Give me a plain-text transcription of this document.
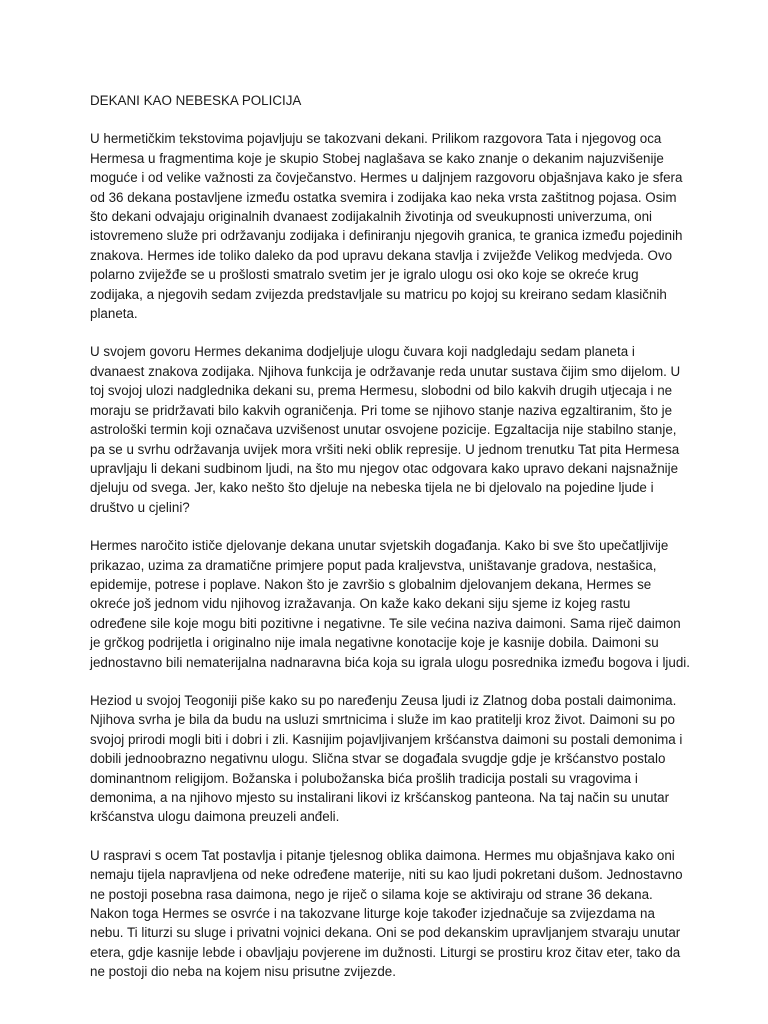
DEKANI KAO NEBESKA POLICIJA

U hermetičkim tekstovima pojavljuju se takozvani dekani. Prilikom razgovora Tata i njegovog oca Hermesa u fragmentima koje je skupio Stobej naglašava se kako znanje o dekanim najuzvišenije moguće i od velike važnosti za čovječanstvo. Hermes u daljnjem razgovoru objašnjava kako je sfera od 36 dekana postavljene između ostatka svemira i zodijaka kao neka vrsta zaštitnog pojasa. Osim što dekani odvajaju originalnih dvanaest zodijakalnih životinja od sveukupnosti univerzuma, oni istovremeno služe pri održavanju zodijaka i definiranju njegovih granica, te granica između pojedinih znakova. Hermes ide toliko daleko da pod upravu dekana stavlja i zviježđe Velikog medvjeda. Ovo polarno zviježđe se u prošlosti smatralo svetim jer je igralo ulogu osi oko koje se okreće krug zodijaka, a njegovih sedam zvijezda predstavljale su matricu po kojoj su kreirano sedam klasičnih planeta.

U svojem govoru Hermes dekanima dodjeljuje ulogu čuvara koji nadgledaju sedam planeta i dvanaest znakova zodijaka. Njihova funkcija je održavanje reda unutar sustava čijim smo dijelom. U toj svojoj ulozi nadglednika dekani su, prema Hermesu, slobodni od bilo kakvih drugih utjecaja i ne moraju se pridržavati bilo kakvih ograničenja. Pri tome se njihovo stanje naziva egzaltiranim, što je astrološki termin koji označava uzvišenost unutar osvojene pozicije. Egzaltacija nije stabilno stanje, pa se u svrhu održavanja uvijek mora vršiti neki oblik represije. U jednom trenutku Tat pita Hermesa upravljaju li dekani sudbinom ljudi, na što mu njegov otac odgovara kako upravo dekani najsnažnije djeluju od svega. Jer, kako nešto što djeluje na nebeska tijela ne bi djelovalo na pojedine ljude i društvo u cjelini?

Hermes naročito ističe djelovanje dekana unutar svjetskih događanja. Kako bi sve što upečatljivije prikazao, uzima za dramatične primjere poput pada kraljevstva, uništavanje gradova, nestašica, epidemije, potrese i poplave. Nakon što je završio s globalnim djelovanjem dekana, Hermes se okreće još jednom vidu njihovog izražavanja. On kaže kako dekani siju sjeme iz kojeg rastu određene sile koje mogu biti pozitivne i negativne. Te sile većina naziva daimoni. Sama riječ daimon je grčkog podrijetla i originalno nije imala negativne konotacije koje je kasnije dobila. Daimoni su jednostavno bili nematerijalna nadnaravna bića koja su igrala ulogu posrednika između bogova i ljudi.

Heziod u svojoj Teogoniji piše kako su po naređenju Zeusa ljudi iz Zlatnog doba postali daimonima. Njihova svrha je bila da budu na usluzi smrtnicima i služe im kao pratitelji kroz život. Daimoni su po svojoj prirodi mogli biti i dobri i zli. Kasnijim pojavljivanjem kršćanstva daimoni su postali demonima i dobili jednoobrazno negativnu ulogu. Slična stvar se događala svugdje gdje je kršćanstvo postalo dominantnom religijom. Božanska i polubožanska bića prošlih tradicija postali su vragovima i demonima, a na njihovo mjesto su instalirani likovi iz kršćanskog panteona. Na taj način su unutar kršćanstva ulogu daimona preuzeli anđeli.

U raspravi s ocem Tat postavlja i pitanje tjelesnog oblika daimona. Hermes mu objašnjava kako oni nemaju tijela napravljena od neke određene materije, niti su kao ljudi pokretani dušom. Jednostavno ne postoji posebna rasa daimona, nego je riječ o silama koje se aktiviraju od strane 36 dekana. Nakon toga Hermes se osvrće i na takozvane liturge koje također izjednačuje sa zvijezdama na nebu. Ti liturzi su sluge i privatni vojnici dekana. Oni se pod dekanskim upravljanjem stvaraju unutar etera, gdje kasnije lebde i obavljaju povjerene im dužnosti. Liturgi se prostiru kroz čitav eter, tako da ne postoji dio neba na kojem nisu prisutne zvijezde.
